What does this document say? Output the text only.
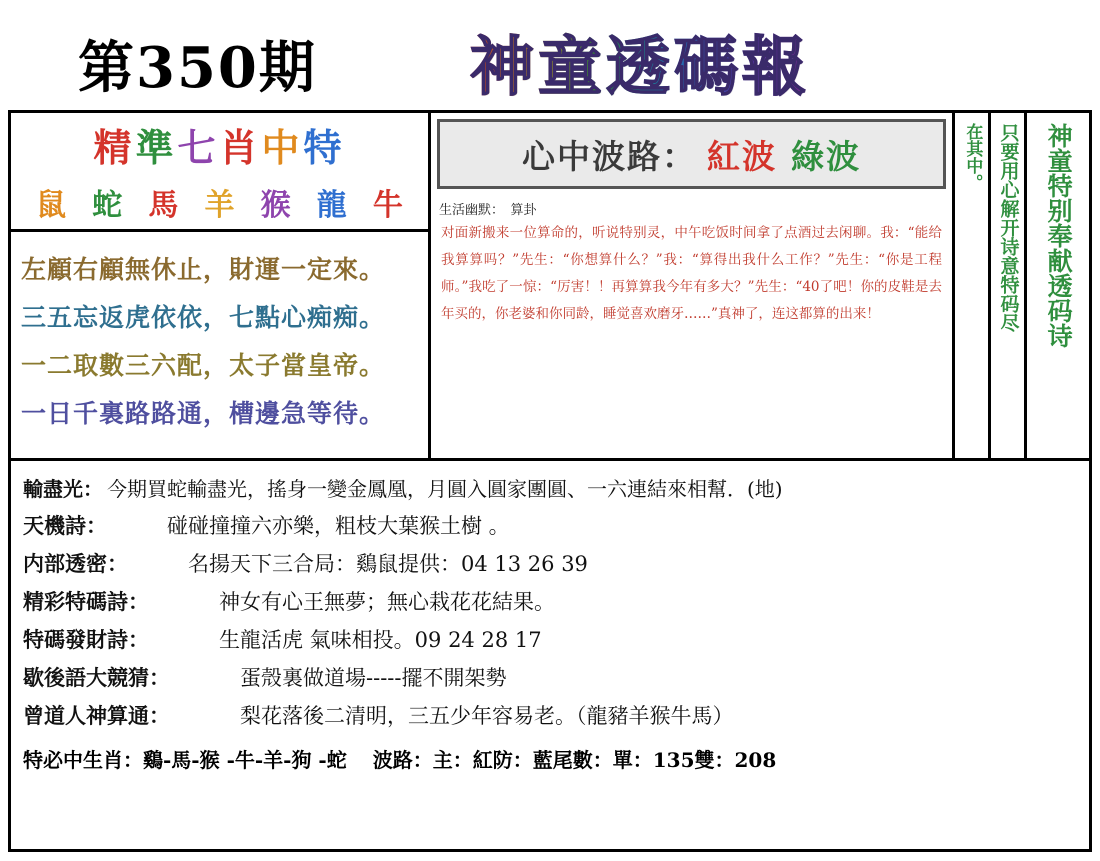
第350期 神童透碼報
精 準 七 肖 中 特
鼠 蛇 馬 羊 猴 龍 牛
左顧右顧無休止，財運一定來。
三五忘返虎依依，七點心痴痴。
一二取數三六配，太子當皇帝。
一日千裏路路通，槽邊急等待。
心中波路： 紅波 綠波
生活幽默：　算卦
对面新搬来一位算命的，听说特别灵，中午吃饭时间拿了点酒过去闲聊。我：“能给我算算吗？”先生：“你想算什么？”我：“算得出我什么工作？”先生：“你是工程师。”我吃了一惊：“厉害！！再算算我今年有多大？”先生：“40了吧！你的皮鞋是去年买的，你老婆和你同龄，睡觉喜欢磨牙……”真神了，连这都算的出来！
在其中。 只要用心解开诗意特码尽 神童特别奉献透码诗
輸盡光： 今期買蛇輸盡光，搖身一變金鳳凰，月圓入圓家團圓、一六連結來相幫．(地)
天機詩：	碰碰撞撞六亦樂，粗枝大葉猴土樹 。
内部透密：	名揚天下三合局：鷄鼠提供：04 13 26 39
精彩特碼詩：	神女有心王無夢；無心栽花花結果。
特碼發財詩：	生龍活虎 氣味相投。09 24 28 17
歇後語大競猜：	蛋殼裏做道場-----擺不開架勢
曾道人神算通：	梨花落後二清明，三五少年容易老。（龍豬羊猴牛馬）
特必中生肖：鷄-馬-猴 -牛-羊-狗 -蛇 波路：主：紅防：藍尾數：單：135雙：208
